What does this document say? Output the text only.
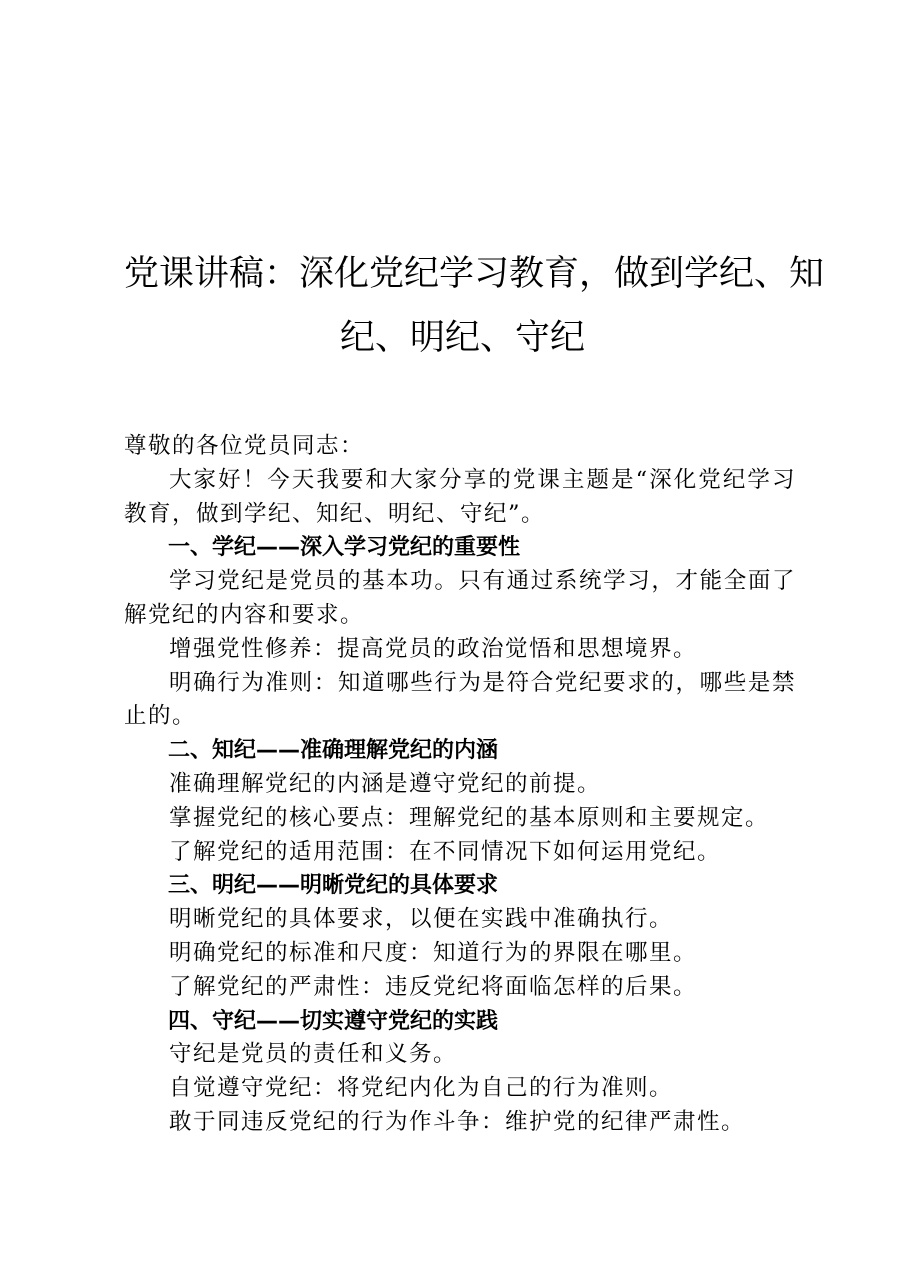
党课讲稿：深化党纪学习教育，做到学纪、知
纪、明纪、守纪

尊敬的各位党员同志：

大家好！今天我要和大家分享的党课主题是“深化党纪学习教育，做到学纪、知纪、明纪、守纪”。

一、学纪——深入学习党纪的重要性

学习党纪是党员的基本功。只有通过系统学习，才能全面了解党纪的内容和要求。

增强党性修养：提高党员的政治觉悟和思想境界。

明确行为准则：知道哪些行为是符合党纪要求的，哪些是禁止的。

二、知纪——准确理解党纪的内涵

准确理解党纪的内涵是遵守党纪的前提。

掌握党纪的核心要点：理解党纪的基本原则和主要规定。

了解党纪的适用范围：在不同情况下如何运用党纪。

三、明纪——明晰党纪的具体要求

明晰党纪的具体要求，以便在实践中准确执行。

明确党纪的标准和尺度：知道行为的界限在哪里。

了解党纪的严肃性：违反党纪将面临怎样的后果。

四、守纪——切实遵守党纪的实践

守纪是党员的责任和义务。

自觉遵守党纪：将党纪内化为自己的行为准则。

敢于同违反党纪的行为作斗争：维护党的纪律严肃性。
